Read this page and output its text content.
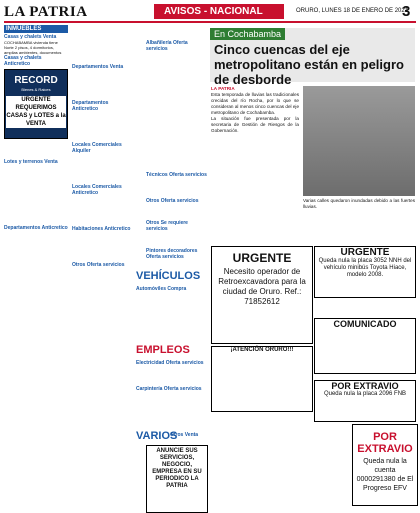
LA PATRIA	AVISOS - NACIONAL	ORURO, LUNES 18 DE ENERO DE 2021
3
INMUEBLES
Casas y chalets Venta
COCHABAMBA vivienda tiene Norte 2 pisos, 4 dormitorios, amplias ambientes, documentos
Casas y chalets Anticretico
RECORD
Bienes & Raices
URGENTE REQUERIMOS CASAS y LOTES a la VENTA
Lotes y terrenos Venta
Departamentos Anticretico
Departamentos Venta
Departamentos Anticretico
Locales Comerciales Alquiler
Locales Comerciales Anticretico
Habitaciones Anticretico
Otros Oferta servicios
VEHÍCULOS
Automóviles Compra
EMPLEOS
Electricidad Oferta servicios
Carpintería Oferta servicios
VARIOS
Otros Venta
ANUNCIE SUS SERVICIOS, NEGOCIO, EMPRESA EN SU PERIODICO LA PATRIA
Albañilería Oferta servicios
Técnicos Oferta servicios
Otros Oferta servicios
Otros Se requiere servicios
Pintores decoradores Oferta servicios	URGENTE
Necesito operador de Retroexcavadora para la ciudad de Oruro. Ref.: 71852612
¡ATENCIÓN ORURO!!!
En Cochabamba
Cinco cuencas del eje metropolitano están en peligro de desborde
LA PATRIA
Esta temporada de lluvias las tradicionales crecidas del río Rocha, por lo que se consideran al menos cinco cuencas del eje metropolitano de Cochabamba.
La situación fue presentada por la secretaria de Gestión de Riesgos de la Gobernación.
Varias calles quedaron inundadas debido a las fuertes lluvias.
URGENTE
Queda nula la placa 3052 NNH del vehículo minibús Toyota Hiace, modelo 2008.
COMUNICADO
POR EXTRAVIO
Queda nula la placa 2096 FNB
POR EXTRAVIO
Queda nula la cuenta 0000291380 de El Progreso EFV
